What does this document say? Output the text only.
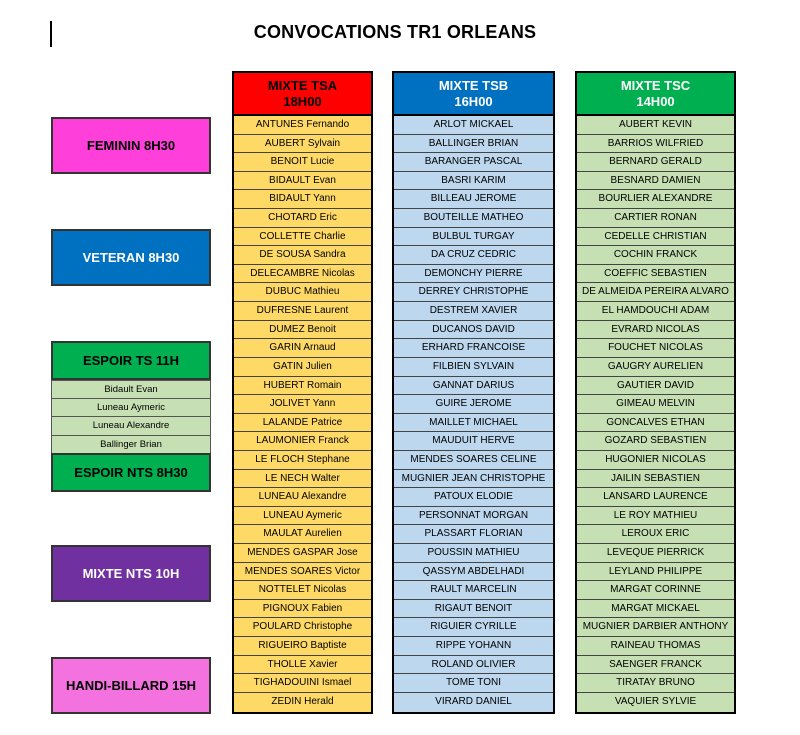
CONVOCATIONS TR1 ORLEANS
FEMININ 8H30
VETERAN 8H30
ESPOIR TS 11H
Bidault Evan
Luneau Aymeric
Luneau Alexandre
Ballinger Brian
ESPOIR NTS 8H30
MIXTE NTS 10H
HANDI-BILLARD 15H
MIXTE TSA
18H00
ANTUNES Fernando
AUBERT Sylvain
BENOIT Lucie
BIDAULT Evan
BIDAULT Yann
CHOTARD Eric
COLLETTE Charlie
DE SOUSA Sandra
DELECAMBRE Nicolas
DUBUC Mathieu
DUFRESNE Laurent
DUMEZ Benoit
GARIN Arnaud
GATIN Julien
HUBERT Romain
JOLIVET Yann
LALANDE Patrice
LAUMONIER Franck
LE FLOCH Stephane
LE NECH Walter
LUNEAU Alexandre
LUNEAU Aymeric
MAULAT Aurelien
MENDES GASPAR Jose
MENDES SOARES Victor
NOTTELET Nicolas
PIGNOUX Fabien
POULARD Christophe
RIGUEIRO Baptiste
THOLLE Xavier
TIGHADOUINI Ismael
ZEDIN Herald
MIXTE TSB
16H00
ARLOT MICKAEL
BALLINGER BRIAN
BARANGER PASCAL
BASRI KARIM
BILLEAU JEROME
BOUTEILLE MATHEO
BULBUL TURGAY
DA CRUZ CEDRIC
DEMONCHY PIERRE
DERREY CHRISTOPHE
DESTREM XAVIER
DUCANOS DAVID
ERHARD FRANCOISE
FILBIEN SYLVAIN
GANNAT DARIUS
GUIRE JEROME
MAILLET MICHAEL
MAUDUIT HERVE
MENDES SOARES CELINE
MUGNIER JEAN CHRISTOPHE
PATOUX ELODIE
PERSONNAT MORGAN
PLASSART FLORIAN
POUSSIN MATHIEU
QASSYM ABDELHADI
RAULT MARCELIN
RIGAUT BENOIT
RIGUIER CYRILLE
RIPPE YOHANN
ROLAND OLIVIER
TOME TONI
VIRARD DANIEL
MIXTE TSC
14H00
AUBERT KEVIN
BARRIOS WILFRIED
BERNARD GERALD
BESNARD DAMIEN
BOURLIER ALEXANDRE
CARTIER RONAN
CEDELLE CHRISTIAN
COCHIN FRANCK
COEFFIC SEBASTIEN
DE ALMEIDA PEREIRA ALVARO
EL HAMDOUCHI ADAM
EVRARD NICOLAS
FOUCHET NICOLAS
GAUGRY AURELIEN
GAUTIER DAVID
GIMEAU MELVIN
GONCALVES ETHAN
GOZARD SEBASTIEN
HUGONIER NICOLAS
JAILIN SEBASTIEN
LANSARD LAURENCE
LE ROY MATHIEU
LEROUX ERIC
LEVEQUE PIERRICK
LEYLAND PHILIPPE
MARGAT CORINNE
MARGAT MICKAEL
MUGNIER DARBIER ANTHONY
RAINEAU THOMAS
SAENGER FRANCK
TIRATAY BRUNO
VAQUIER SYLVIE
